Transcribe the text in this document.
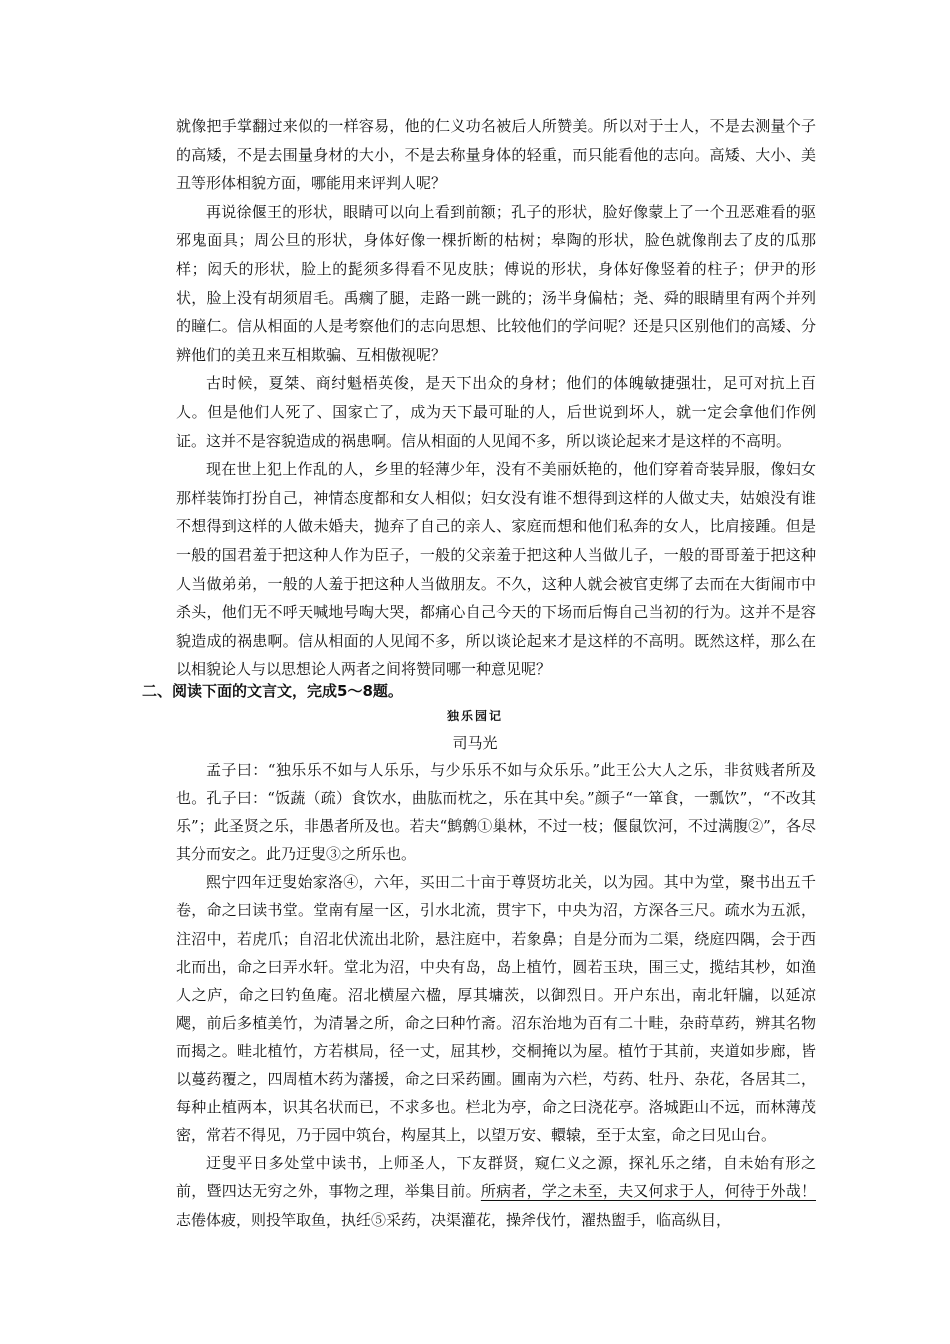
就像把手掌翻过来似的一样容易，他的仁义功名被后人所赞美。所以对于士人，不是去测量个子的高矮，不是去围量身材的大小，不是去称量身体的轻重，而只能看他的志向。高矮、大小、美丑等形体相貌方面，哪能用来评判人呢？

再说徐偃王的形状，眼睛可以向上看到前额；孔子的形状，脸好像蒙上了一个丑恶难看的驱邪鬼面具；周公旦的形状，身体好像一棵折断的枯树；皋陶的形状，脸色就像削去了皮的瓜那样；闳夭的形状，脸上的髭须多得看不见皮肤；傅说的形状，身体好像竖着的柱子；伊尹的形状，脸上没有胡须眉毛。禹瘸了腿，走路一跳一跳的；汤半身偏枯；尧、舜的眼睛里有两个并列的瞳仁。信从相面的人是考察他们的志向思想、比较他们的学问呢？还是只区别他们的高矮、分辨他们的美丑来互相欺骗、互相傲视呢？

古时候，夏桀、商纣魁梧英俊，是天下出众的身材；他们的体魄敏捷强壮，足可对抗上百人。但是他们人死了、国家亡了，成为天下最可耻的人，后世说到坏人，就一定会拿他们作例证。这并不是容貌造成的祸患啊。信从相面的人见闻不多，所以谈论起来才是这样的不高明。

现在世上犯上作乱的人，乡里的轻薄少年，没有不美丽妖艳的，他们穿着奇装异服，像妇女那样装饰打扮自己，神情态度都和女人相似；妇女没有谁不想得到这样的人做丈夫，姑娘没有谁不想得到这样的人做未婚夫，抛弃了自己的亲人、家庭而想和他们私奔的女人，比肩接踵。但是一般的国君羞于把这种人作为臣子，一般的父亲羞于把这种人当做儿子，一般的哥哥羞于把这种人当做弟弟，一般的人羞于把这种人当做朋友。不久，这种人就会被官吏绑了去而在大街闹市中杀头，他们无不呼天喊地号啕大哭，都痛心自己今天的下场而后悔自己当初的行为。这并不是容貌造成的祸患啊。信从相面的人见闻不多，所以谈论起来才是这样的不高明。既然这样，那么在以相貌论人与以思想论人两者之间将赞同哪一种意见呢？

二、阅读下面的文言文，完成5～8题。
独乐园记
司马光

孟子曰：“独乐乐不如与人乐乐，与少乐乐不如与众乐乐。”此王公大人之乐，非贫贱者所及也。孔子曰：“饭蔬（疏）食饮水，曲肱而枕之，乐在其中矣。”颜子“一箪食，一瓢饮”，“不改其乐”；此圣贤之乐，非愚者所及也。若夫“鹪鹩①巢林，不过一枝；偃鼠饮河，不过满腹②”，各尽其分而安之。此乃迂叟③之所乐也。

熙宁四年迂叟始家洛④，六年，买田二十亩于尊贤坊北关，以为园。其中为堂，聚书出五千卷，命之曰读书堂。堂南有屋一区，引水北流，贯宇下，中央为沼，方深各三尺。疏水为五派，注沼中，若虎爪；自沼北伏流出北阶，悬注庭中，若象鼻；自是分而为二渠，绕庭四隅，会于西北而出，命之曰弄水轩。堂北为沼，中央有岛，岛上植竹，圆若玉玦，围三丈，揽结其杪，如渔人之庐，命之曰钓鱼庵。沼北横屋六楹，厚其墉茨，以御烈日。开户东出，南北轩牖，以延凉飔，前后多植美竹，为清暑之所，命之曰种竹斋。沼东治地为百有二十畦，杂莳草药，辨其名物而揭之。畦北植竹，方若棋局，径一丈，屈其杪，交桐掩以为屋。植竹于其前，夹道如步廊，皆以蔓药覆之，四周植木药为藩援，命之曰采药圃。圃南为六栏，芍药、牡丹、杂花，各居其二，每种止植两本，识其名状而已，不求多也。栏北为亭，命之曰浇花亭。洛城距山不远，而林薄茂密，常若不得见，乃于园中筑台，构屋其上，以望万安、轘辕，至于太室，命之曰见山台。

迂叟平日多处堂中读书，上师圣人，下友群贤，窥仁义之源，探礼乐之绪，自未始有形之前，暨四达无穷之外，事物之理，举集目前。所病者，学之未至，夫又何求于人，何待于外哉！志倦体疲，则投竿取鱼，执纴⑤采药，决渠灌花，操斧伐竹，濯热盥手，临高纵目，
